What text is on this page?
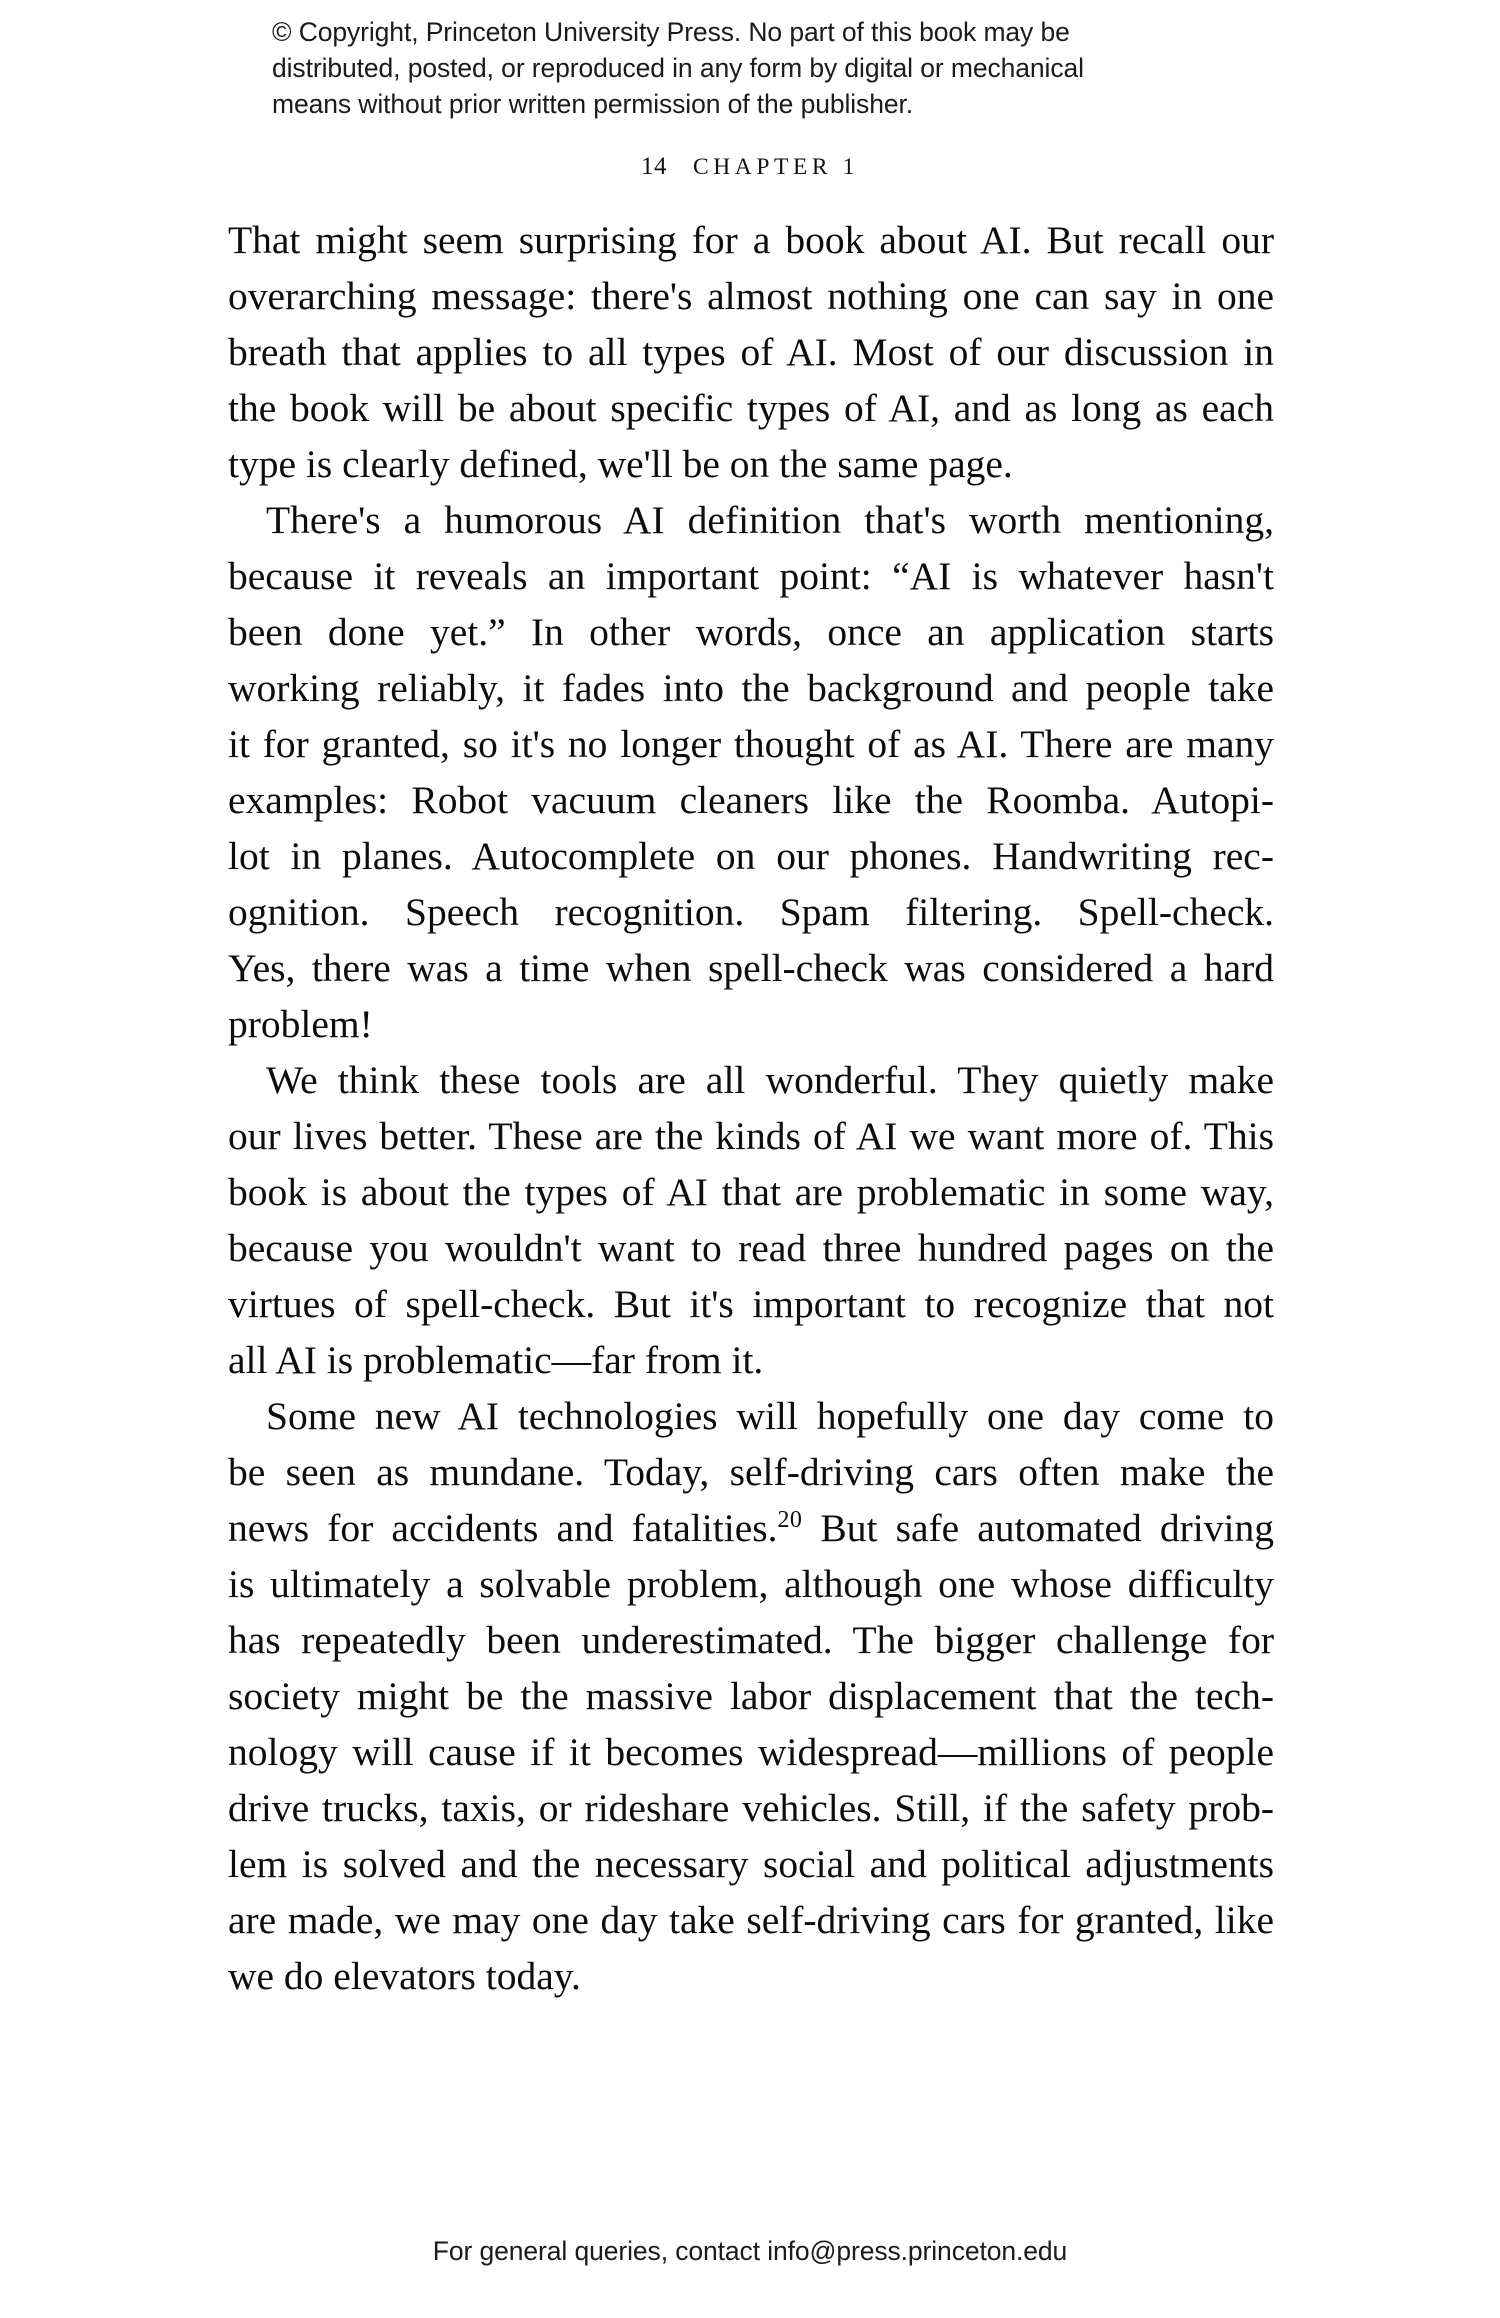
© Copyright, Princeton University Press. No part of this book may be
distributed, posted, or reproduced in any form by digital or mechanical
means without prior written permission of the publisher.
14 CHAPTER 1

That might seem surprising for a book about AI. But recall our
overarching message: there's almost nothing one can say in one
breath that applies to all types of AI. Most of our discussion in
the book will be about specific types of AI, and as long as each
type is clearly defined, we'll be on the same page.

There's a humorous AI definition that's worth mentioning,
because it reveals an important point: “AI is whatever hasn't
been done yet.” In other words, once an application starts
working reliably, it fades into the background and people take
it for granted, so it's no longer thought of as AI. There are many
examples: Robot vacuum cleaners like the Roomba. Autopi-
lot in planes. Autocomplete on our phones. Handwriting rec-
ognition. Speech recognition. Spam filtering. Spell-check.
Yes, there was a time when spell-check was considered a hard
problem!

We think these tools are all wonderful. They quietly make
our lives better. These are the kinds of AI we want more of. This
book is about the types of AI that are problematic in some way,
because you wouldn't want to read three hundred pages on the
virtues of spell-check. But it's important to recognize that not
all AI is problematic—far from it.

Some new AI technologies will hopefully one day come to
be seen as mundane. Today, self-driving cars often make the
news for accidents and fatalities.$^{20}$ But safe automated driving
is ultimately a solvable problem, although one whose difficulty
has repeatedly been underestimated. The bigger challenge for
society might be the massive labor displacement that the tech-
nology will cause if it becomes widespread—millions of people
drive trucks, taxis, or rideshare vehicles. Still, if the safety prob-
lem is solved and the necessary social and political adjustments
are made, we may one day take self-driving cars for granted, like
we do elevators today.

For general queries, contact info@press.princeton.edu
